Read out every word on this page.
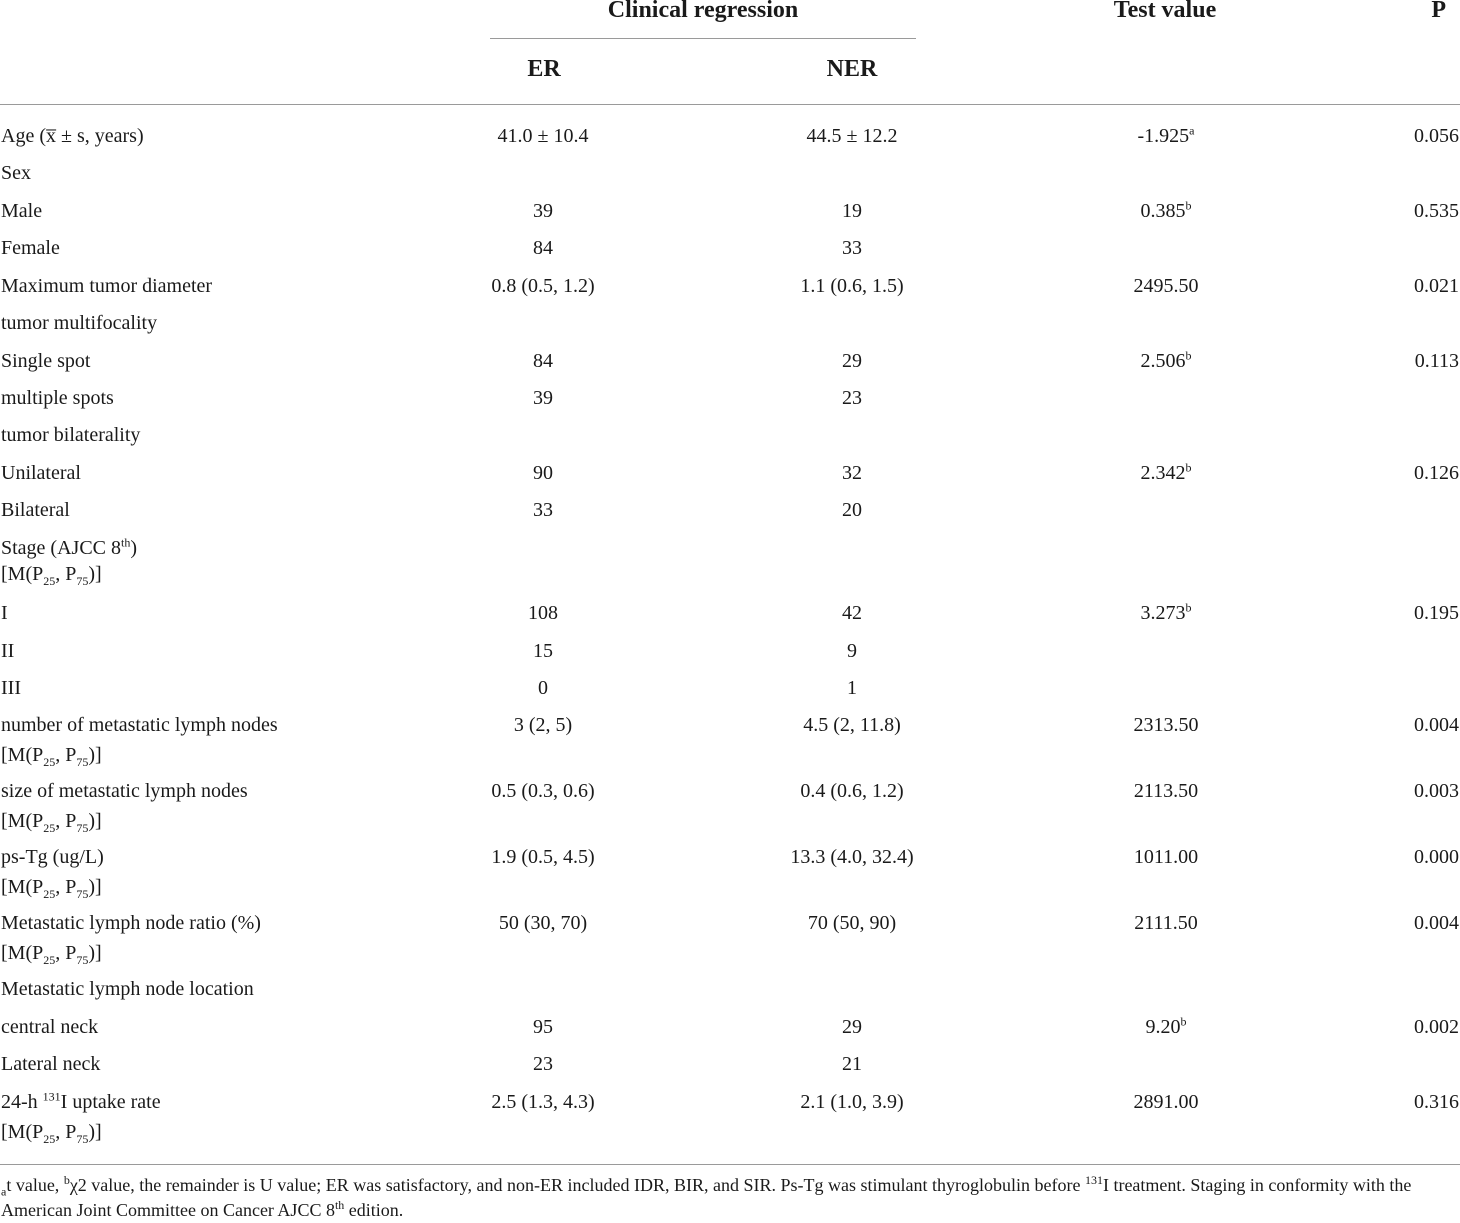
Clinical regression	Test value	P
ER	NER
Age (x̅ ± s, years)	41.0 ± 10.4	44.5 ± 12.2	-1.925$^a$	0.056
Sex
Male	39	19	0.385$^b$	0.535
Female	84	33
Maximum tumor diameter	0.8 (0.5, 1.2)	1.1 (0.6, 1.5)	2495.50	0.021
tumor multifocality
Single spot	84	29	2.506$^b$	0.113
multiple spots	39	23
tumor bilaterality
Unilateral	90	32	2.342$^b$	0.126
Bilateral	33	20
Stage (AJCC 8th)
[$M(P_{25}$, $P_{75}$)]
I	108	42	3.273$^b$	0.195
II	15	9
III	0	1
number of metastatic lymph nodes	3 (2, 5)	4.5 (2, 11.8)	2313.50	0.004
[$M(P_{25}$, $P_{75}$)]
size of metastatic lymph nodes	0.5 (0.3, 0.6)	0.4 (0.6, 1.2)	2113.50	0.003
[$M(P_{25}$, $P_{75}$)]
ps-Tg (ug/L)	1.9 (0.5, 4.5)	13.3 (4.0, 32.4)	1011.00	0.000
[$M(P_{25}$, $P_{75}$)]
Metastatic lymph node ratio (%)	50 (30, 70)	70 (50, 90)	2111.50	0.004
[$M(P_{25}$, $P_{75}$)]
Metastatic lymph node location
central neck	95	29	9.20$^b$	0.002
Lateral neck	23	21
24-h $^{131}$I uptake rate	2.5 (1.3, 4.3)	2.1 (1.0, 3.9)	2891.00	0.316
[$M(P_{25}$, $P_{75}$)]
$_a$t value, $^b$χ2 value, the remainder is U value; ER was satisfactory, and non-ER included IDR, BIR, and SIR. Ps-Tg was stimulant thyroglobulin before $^{131}$I treatment. Staging in conformity with the American Joint Committee on Cancer AJCC 8th edition.
